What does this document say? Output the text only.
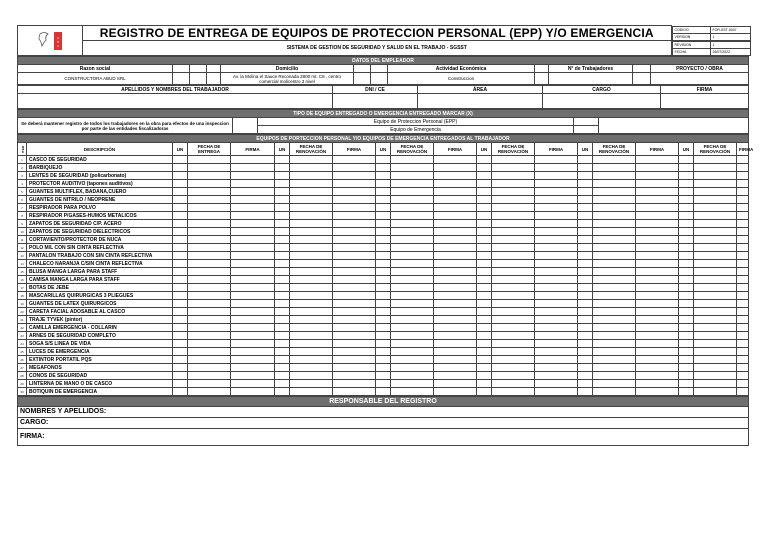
A
B
U
	REGISTRO DE ENTREGA DE EQUIPOS DE PROTECCION PERSONAL (EPP) Y/O EMERGENCIA		CODIGO	FOR-SST-0047
VERSION	1

SISTEMA DE GESTION DE SEGURIDAD Y SALUD EN EL TRABAJO - SGSST	
REVISION	1
FECHA	26/07/2022
DATOS DEL EMPLEADOR											
Razon social				Domicilio			Actividad Económica		N° de Trabajadores		PROYECTO / OBRA
CONSTRUCTORA ABUD SRL				Av. la Molina el Sauce Reconada 2800 mt. C8 . centro comercial molicentro 3 nivel			Construccion				
APELLIDOS Y NOMBRES DEL TRABAJADOR	DNI / CE	ÁREA	CARGO	FIRMA

TIPO DE EQUIPO ENTREGADO O EMERGENCIA ENTREGADO MARCAR (X)				
Se deberá mantener registro de todos los trabajadores en la obra para efectos de una inspeccion por parte de las entidades fiscalizadoras		Equipo de Proteccion Personal (EPP)		
		Equipo de Emergencia		
EQUIPOS DE PORTECCION PERSONAL Y/O EQUIPOS DE EMERGENCIA ENTREGADOS AL TRABAJADOR																			
ITEM	DESCRIPCIÓN	UN	FECHA DE ENTREGA	FIRMA	UN	FECHA DE RENOVACIÓN	FIRMA	UN	FECHA DE RENOVACIÓN	FIRMA	UN	FECHA DE RENOVACIÓN	FIRMA	UN	FECHA DE RENOVACIÓN	FIRMA	UN	FECHA DE RENOVACIÓN	FIRMA
1	CASCO DE SEGURIDAD																		
2	BARBIQUEJO																		
3	LENTES DE SEGURIDAD (policarbonato)																		
4	PROTECTOR AUDITIVO (tapones auditivos)																		
5	GUANTES MULTIFLEX, BADANA,CUERO																		
6	GUANTES DE NITRILO / NEOPRENE																		
7	RESPIRADOR PARA POLVO																		
8	RESPIRADOR P/GASES-HUMOS METALICOS																		
9	ZAPATOS DE SEGURIDAD C/P. ACERO																		
10	ZAPATOS DE SEGURIDAD DIELECTRICOS																		
11	CORTAVIENTO/PROTECTOR DE NUCA																		
12	POLO M/L CON SIN CINTA REFLECTIVA																		
13	PANTALON TRABAJO CON SIN CINTA REFLECTIVA																		
14	CHALECO NARANJA C/SIN CINTA REFLECTIVA																		
15	BLUSA MANGA LARGA PARA STAFF																		
16	CAMISA MANGA LARGA PARA STAFF																		
17	BOTAS DE JEBE																		
18	MASCARILLAS QUIRURGICAS 3 PLIEGUES																		
19	GUANTES DE LATEX QUIRURGICOS																		
20	CARETA FACIAL ADOSABLE AL CASCO																		
21	TRAJE TYVEK (pintor)																		
22	CAMILLA EMERGENCIA - COLLARIN																		
23	ARNES DE SEGURIDAD COMPLETO																		
24	SOGA S/S LINEA DE VIDA																		
25	LUCES DE EMERGENCIA																		
26	EXTINTOR PORTATIL PQS																		
27	MEGAFONOS																		
28	CONOS DE SEGURIDAD																		
29	LINTERNA DE MANO O DE CASCO																		
30	BOTIQUIN DE EMERGENCIA																		
RESPONSABLE DEL REGISTRO
NOMBRES Y APELLIDOS:
CARGO:
FIRMA:
